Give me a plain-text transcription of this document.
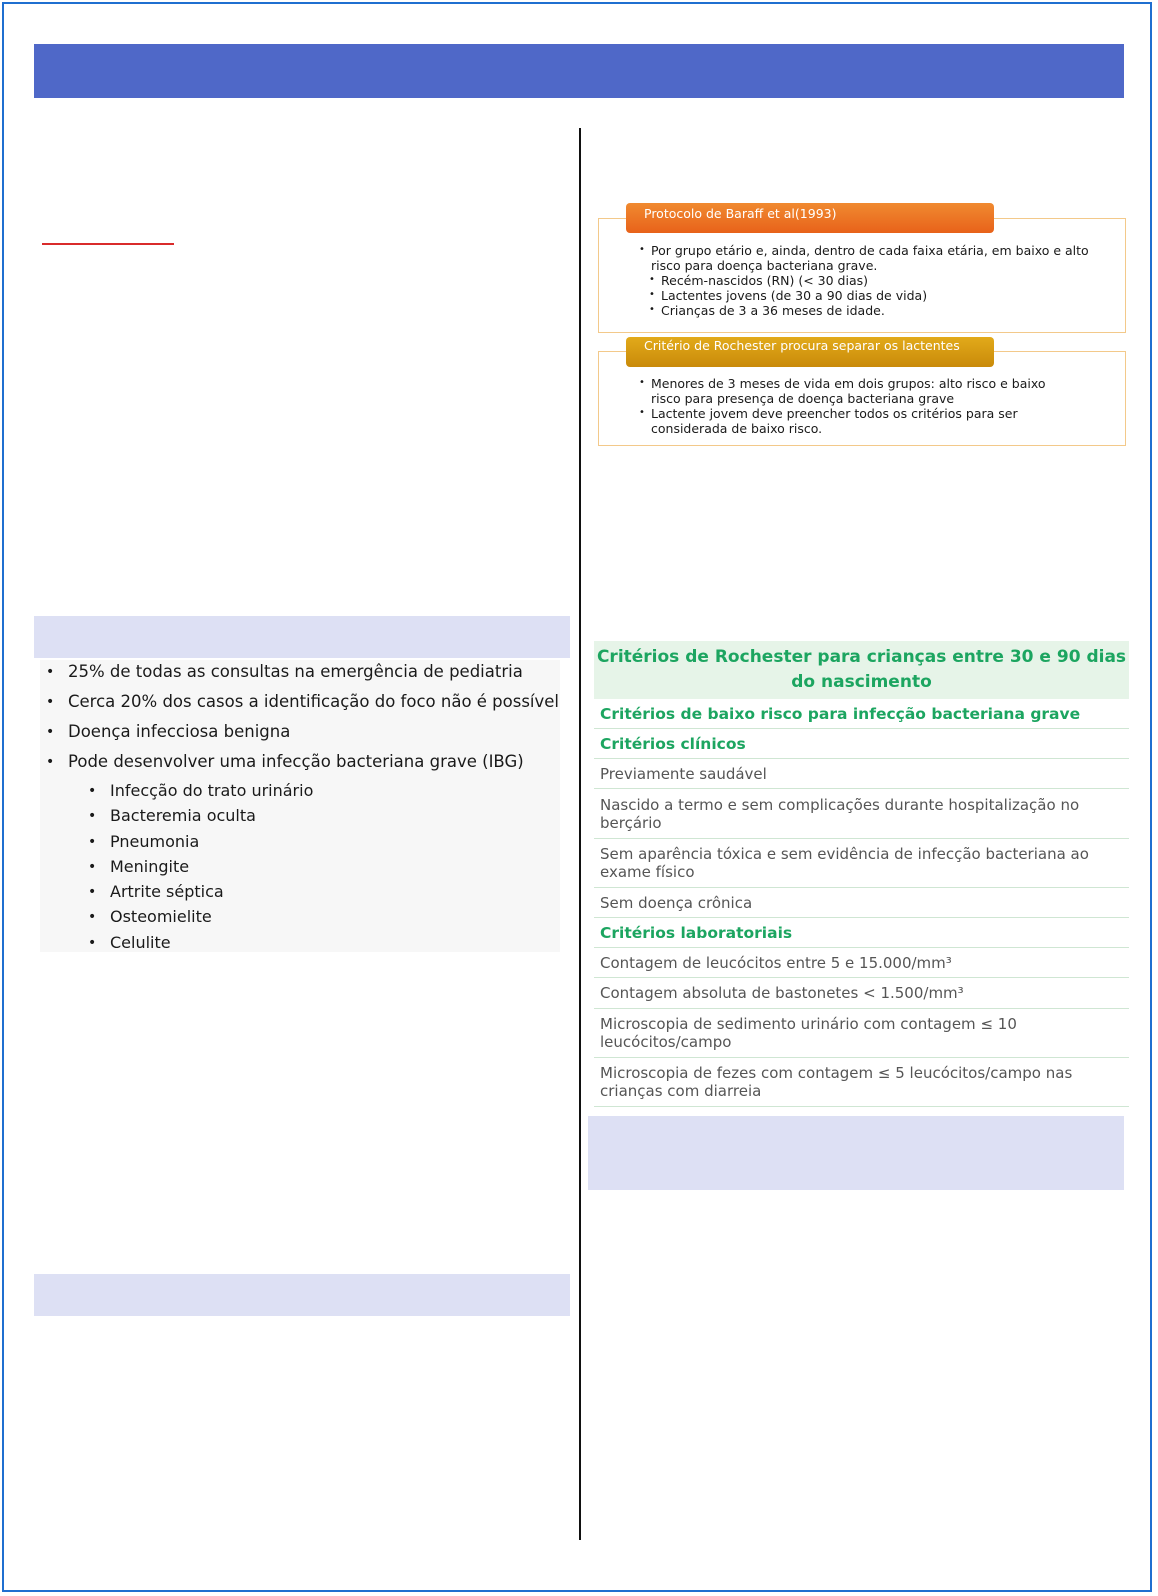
• Por grupo etário e, ainda, dentro de cada faixa etária, em baixo e alto risco para doença bacteriana grave.
• Recém-nascidos (RN) (< 30 dias)
• Lactentes jovens (de 30 a 90 dias de vida)
• Crianças de 3 a 36 meses de idade.
Protocolo de Baraff et al(1993)
• Menores de 3 meses de vida em dois grupos: alto risco e baixo risco para presença de doença bacteriana grave
• Lactente jovem deve preencher todos os critérios para ser considerada de baixo risco.
Critério de Rochester procura separar os lactentes
• 25% de todas as consultas na emergência de pediatria
• Cerca 20% dos casos a identificação do foco não é possível
• Doença infecciosa benigna
• Pode desenvolver uma infecção bacteriana grave (IBG)
• Infecção do trato urinário
• Bacteremia oculta
• Pneumonia
• Meningite
• Artrite séptica
• Osteomielite
• Celulite
Critérios de Rochester para crianças entre 30 e 90 dias do nascimento
Critérios de baixo risco para infecção bacteriana grave
Critérios clínicos
Previamente saudável
Nascido a termo e sem complicações durante hospitalização no berçário
Sem aparência tóxica e sem evidência de infecção bacteriana ao exame físico
Sem doença crônica
Critérios laboratoriais
Contagem de leucócitos entre 5 e 15.000/mm³
Contagem absoluta de bastonetes < 1.500/mm³
Microscopia de sedimento urinário com contagem ≤ 10 leucócitos/campo
Microscopia de fezes com contagem ≤ 5 leucócitos/campo nas crianças com diarreia
